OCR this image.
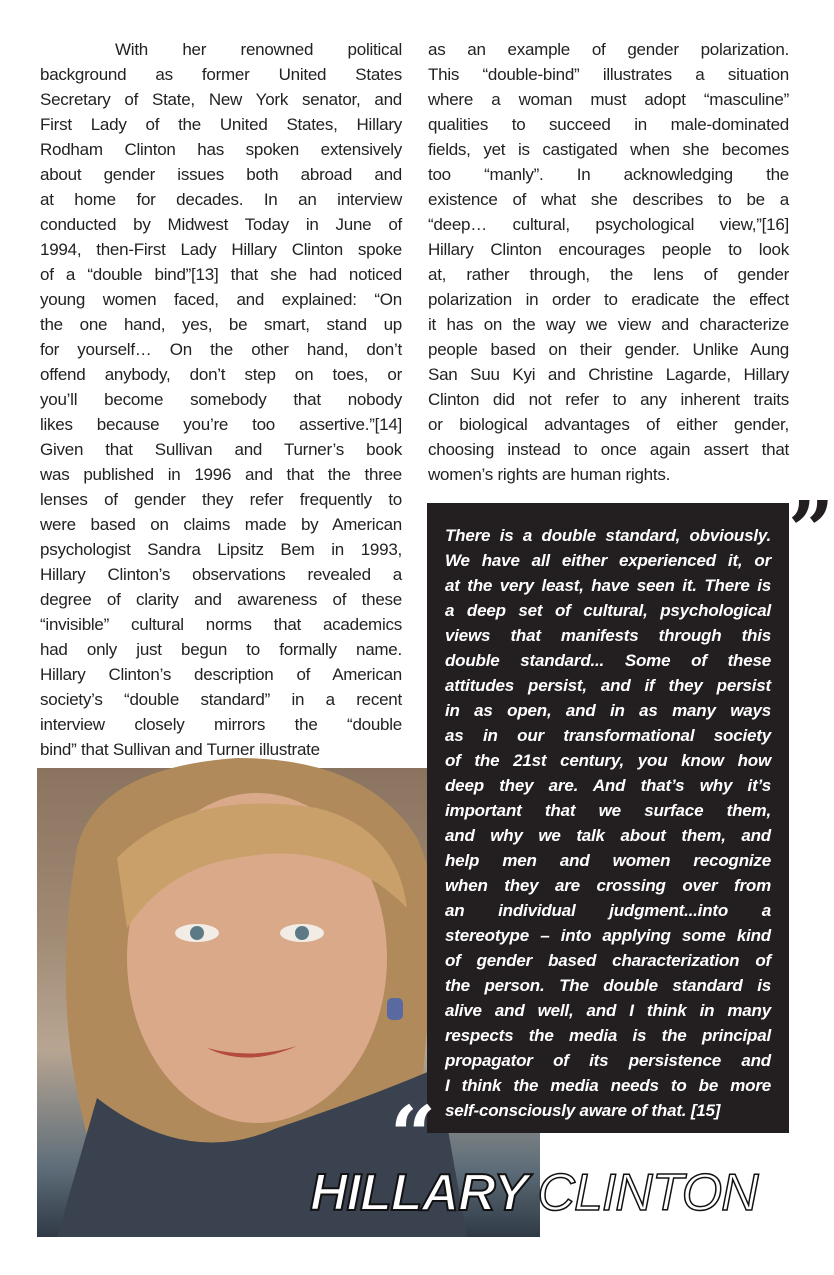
With her renowned political
background as former United States
Secretary of State, New York senator, and
First Lady of the United States, Hillary
Rodham Clinton has spoken extensively
about gender issues both abroad and
at home for decades. In an interview
conducted by Midwest Today in June of
1994, then-First Lady Hillary Clinton spoke
of a “double bind”[13] that she had noticed
young women faced, and explained: “On
the one hand, yes, be smart, stand up
for yourself… On the other hand, don’t
offend anybody, don’t step on toes, or
you’ll become somebody that nobody
likes because you’re too assertive.”[14]
Given that Sullivan and Turner’s book
was published in 1996 and that the three
lenses of gender they refer frequently to
were based on claims made by American
psychologist Sandra Lipsitz Bem in 1993,
Hillary Clinton’s observations revealed a
degree of clarity and awareness of these
“invisible” cultural norms that academics
had only just begun to formally name.
Hillary Clinton’s description of American
society’s “double standard” in a recent
interview closely mirrors the “double
bind” that Sullivan and Turner illustrate
as an example of gender polarization.
This “double-bind” illustrates a situation
where a woman must adopt “masculine”
qualities to succeed in male-dominated
fields, yet is castigated when she becomes
too “manly”. In acknowledging the
existence of what she describes to be a
“deep… cultural, psychological view,”[16]
Hillary Clinton encourages people to look
at, rather through, the lens of gender
polarization in order to eradicate the effect
it has on the way we view and characterize
people based on their gender. Unlike Aung
San Suu Kyi and Christine Lagarde, Hillary
Clinton did not refer to any inherent traits
or biological advantages of either gender,
choosing instead to once again assert that
women’s rights are human rights.
There is a double standard, obviously.
We have all either experienced it, or
at the very least, have seen it. There is
a deep set of cultural, psychological
views that manifests through this
double standard... Some of these
attitudes persist, and if they persist
in as open, and in as many ways
as in our transformational society
of the 21st century, you know how
deep they are. And that’s why it’s
important that we surface them,
and why we talk about them, and
help men and women recognize
when they are crossing over from
an individual judgment...into a
stereotype – into applying some kind
of gender based characterization of
the person. The double standard is
alive and well, and I think in many
respects the media is the principal
propagator of its persistence and
I think the media needs to be more
self-consciously aware of that. [15]
”
“
HILLARY CLINTON
